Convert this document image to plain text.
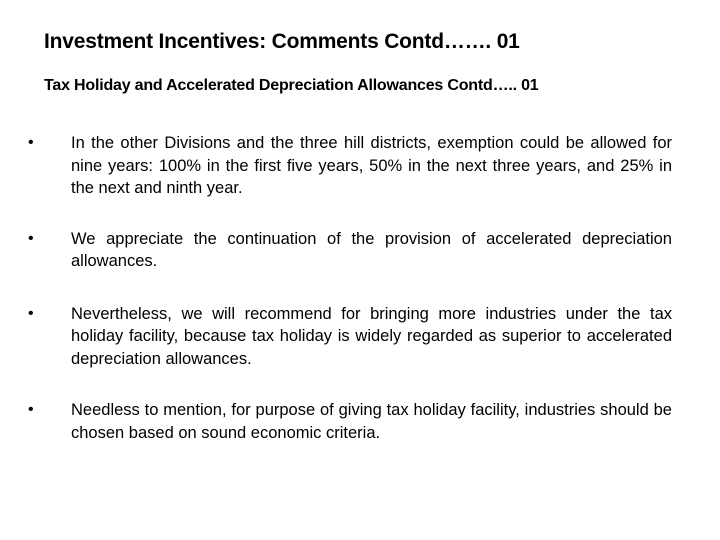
Investment Incentives: Comments Contd……. 01
Tax Holiday and Accelerated Depreciation Allowances Contd….. 01
• In the other Divisions and the three hill districts, exemption could be allowed for nine years: 100% in the first five years, 50% in the next three years, and 25% in the next and ninth year.
• We appreciate the continuation of the provision of accelerated depreciation allowances.
• Nevertheless, we will recommend for bringing more industries under the tax holiday facility, because tax holiday is widely regarded as superior to accelerated depreciation allowances.
• Needless to mention, for purpose of giving tax holiday facility, industries should be chosen based on sound economic criteria.
